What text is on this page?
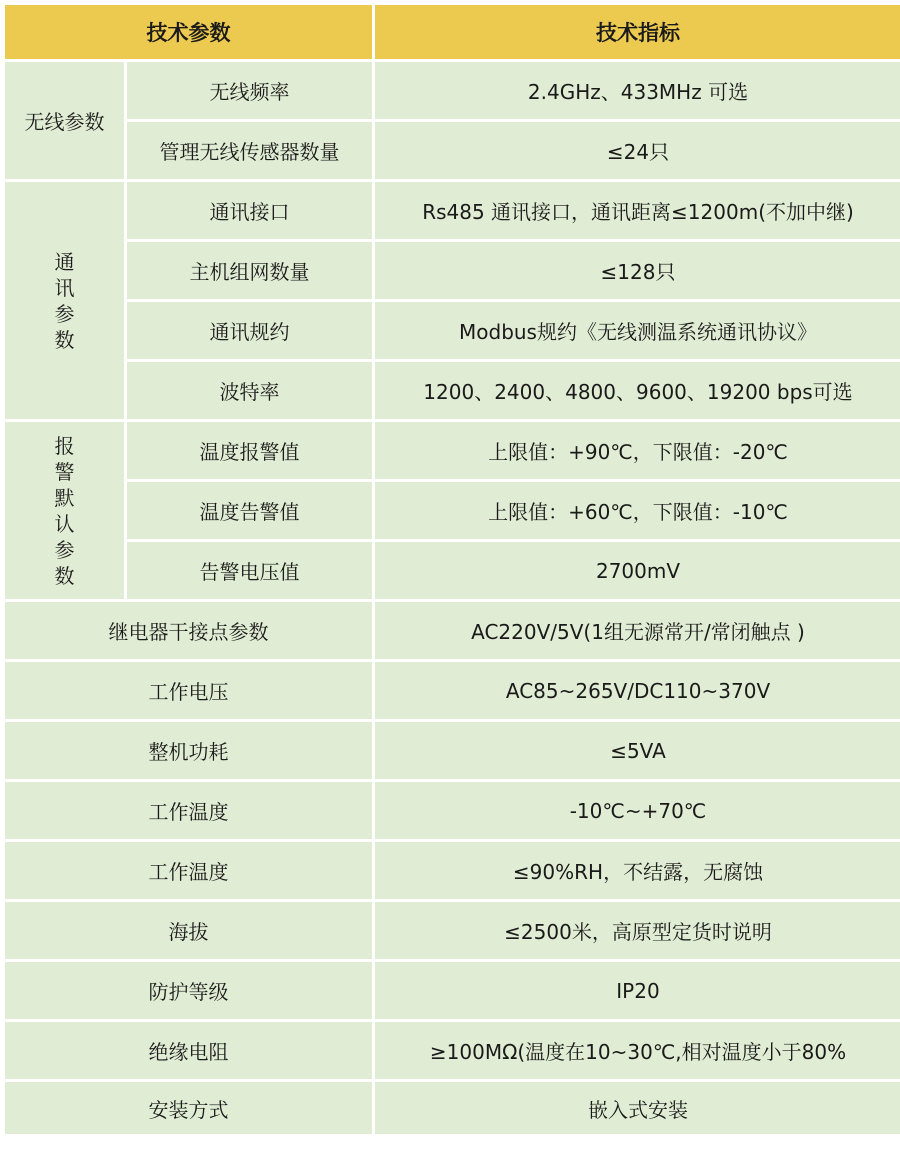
技术参数		技术指标
无线参数	无线频率	2.4GHz、433MHz 可选
	管理无线传感器数量	≤24只
通讯参数	通讯接口	Rs485 通讯接口，通讯距离≤1200m(不加中继)
	主机组网数量	≤128只
	通讯规约	Modbus规约《无线测温系统通讯协议》
	波特率	1200、2400、4800、9600、19200 bps可选
报警默认参数	温度报警值	上限值：+90℃，下限值：-20℃
	温度告警值	上限值：+60℃，下限值：-10℃
	告警电压值	2700mV
继电器干接点参数		AC220V/5V(1组无源常开/常闭触点 )
工作电压		AC85~265V/DC110~370V
整机功耗		≤5VA
工作温度		-10℃~+70℃
工作温度		≤90%RH，不结露，无腐蚀
海拔		≤2500米，高原型定货时说明
防护等级		IP20
绝缘电阻		≥100MΩ(温度在10~30℃,相对温度小于80%
安装方式		嵌入式安装
